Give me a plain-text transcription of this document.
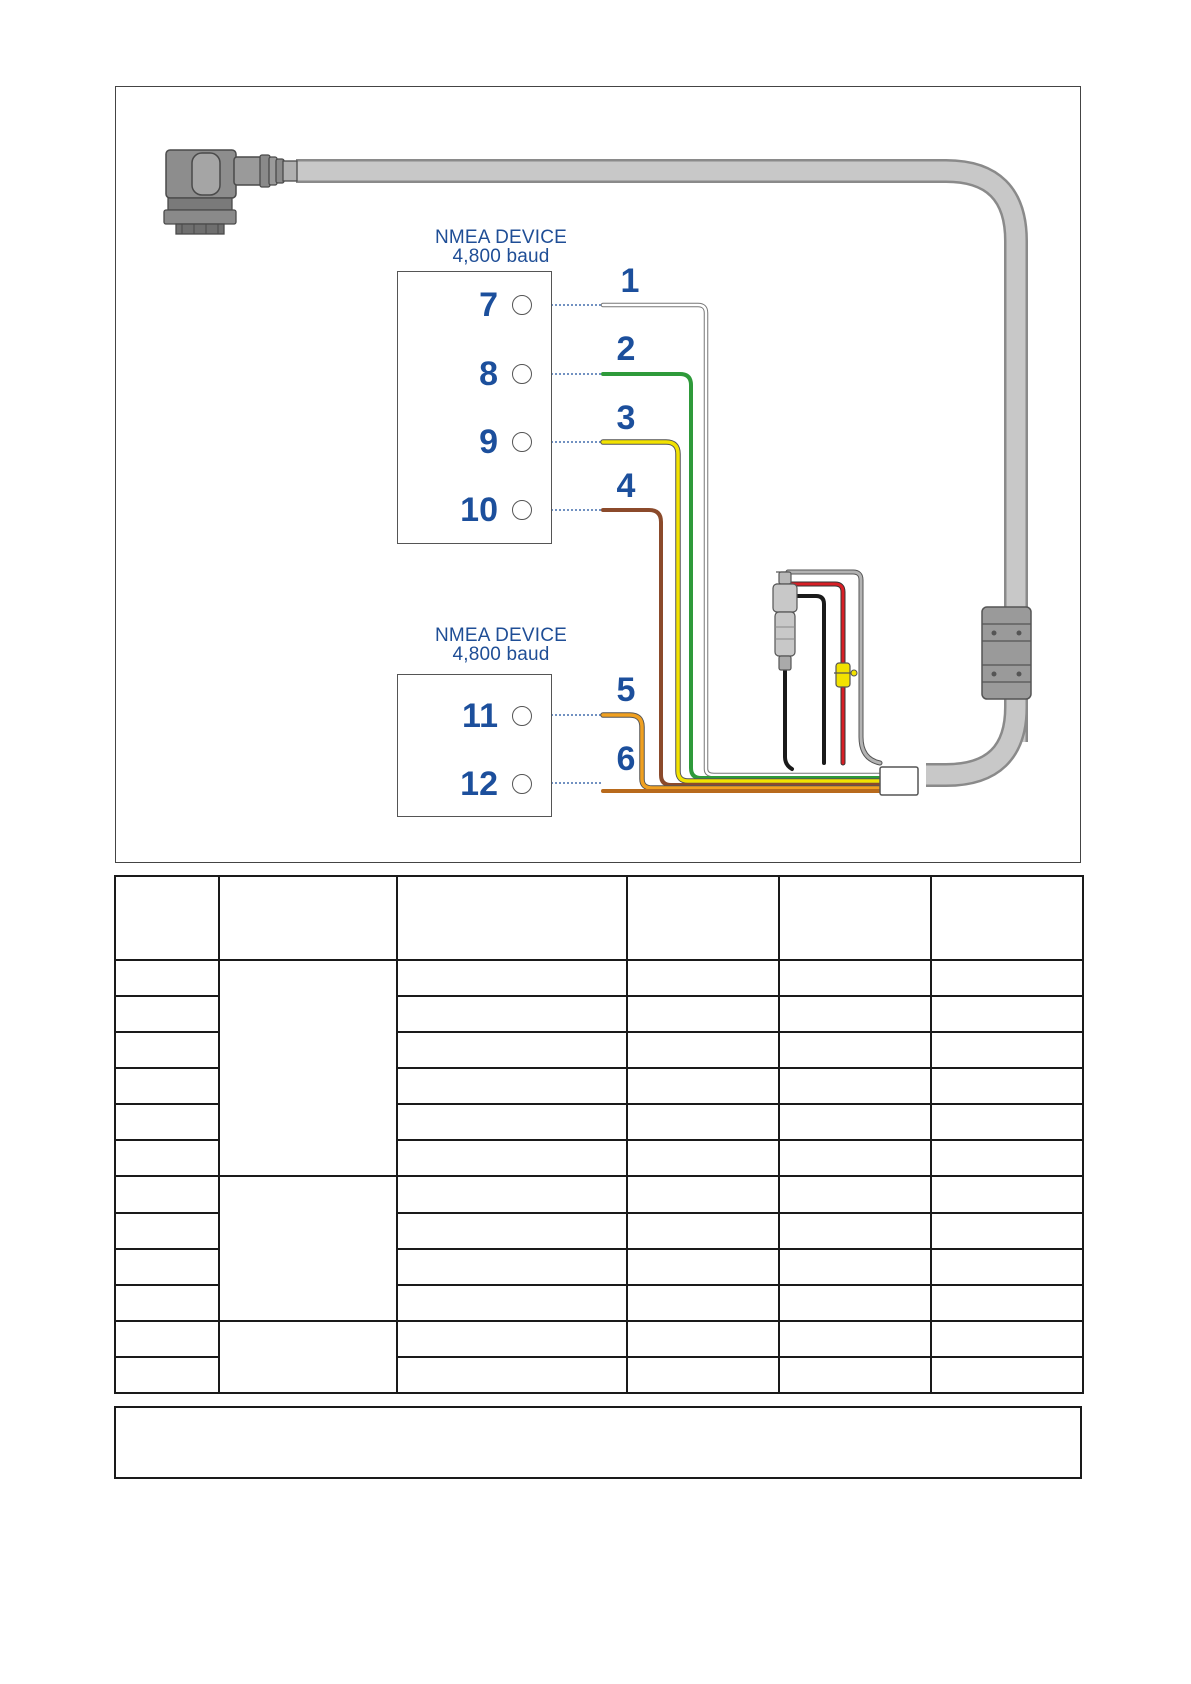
NMEA DEVICE
4,800 baud
7
8
9
10
NMEA DEVICE
4,800 baud
11
12
1
2
3
4
5
6
